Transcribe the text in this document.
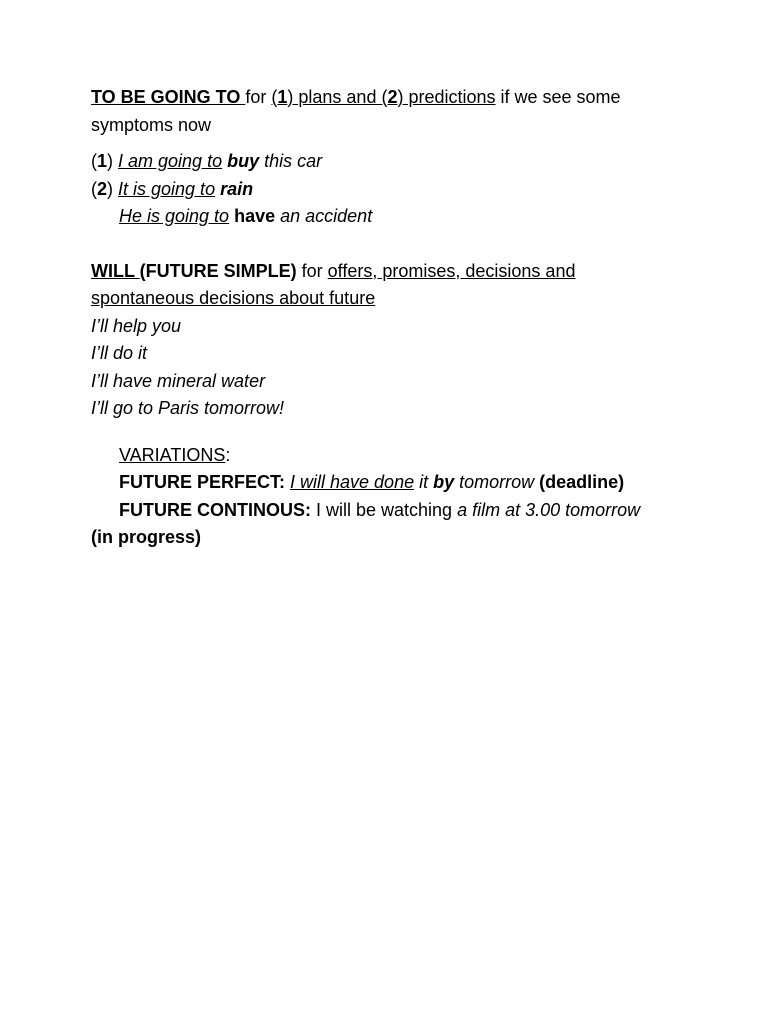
TO BE GOING TO for (1) plans and (2) predictions if we see some

symptoms now

(1) I am going to buy this car

(2) It is going to rain

He is going to have an accident

WILL (FUTURE SIMPLE) for offers, promises, decisions and

spontaneous decisions about future

I’ll help you

I’ll do it

I’ll have mineral water

I’ll go to Paris tomorrow!

VARIATIONS:

FUTURE PERFECT: I will have done it by tomorrow (deadline)

FUTURE CONTINOUS: I will be watching a film at 3.00 tomorrow

(in progress)
